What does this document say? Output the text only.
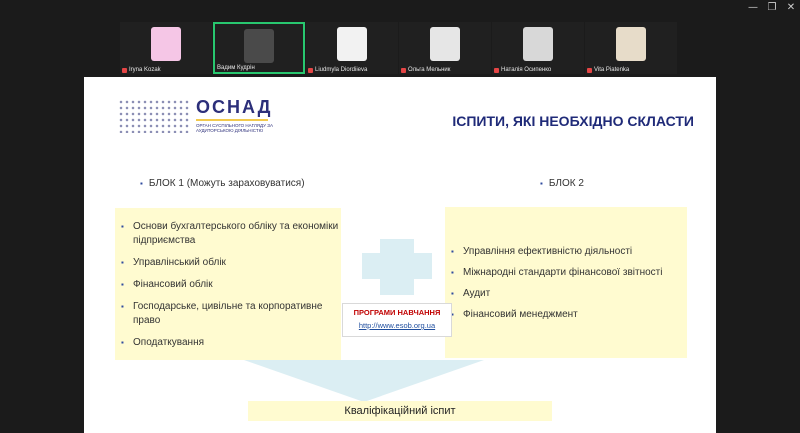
— ❐ ✕
Iryna Kozak	Вадим Кудрін	Liudmyla Diordiieva	Ольга Мельник	Наталія Осипенко	Vita Piatenka
ОСНАД
ОРГАН СУСПІЛЬНОГО НАГЛЯДУ ЗА АУДИТОРСЬКОЮ ДІЯЛЬНІСТЮ
ІСПИТИ, ЯКІ НЕОБХІДНО СКЛАСТИ
▪ БЛОК 1 (Можуть зараховуватися)	▪ БЛОК 2
▪ Основи бухгалтерського обліку та економіки підприємства
▪ Управлінський облік
▪ Фінансовий облік
▪ Господарське, цивільне та корпоративне право
▪ Оподаткування
▪ Управління ефективністю діяльності
▪ Міжнародні стандарти фінансової звітності
▪ Аудит
▪ Фінансовий менеджмент
ПРОГРАМИ НАВЧАННЯ
http://www.esob.org.ua
Кваліфікаційний іспит
